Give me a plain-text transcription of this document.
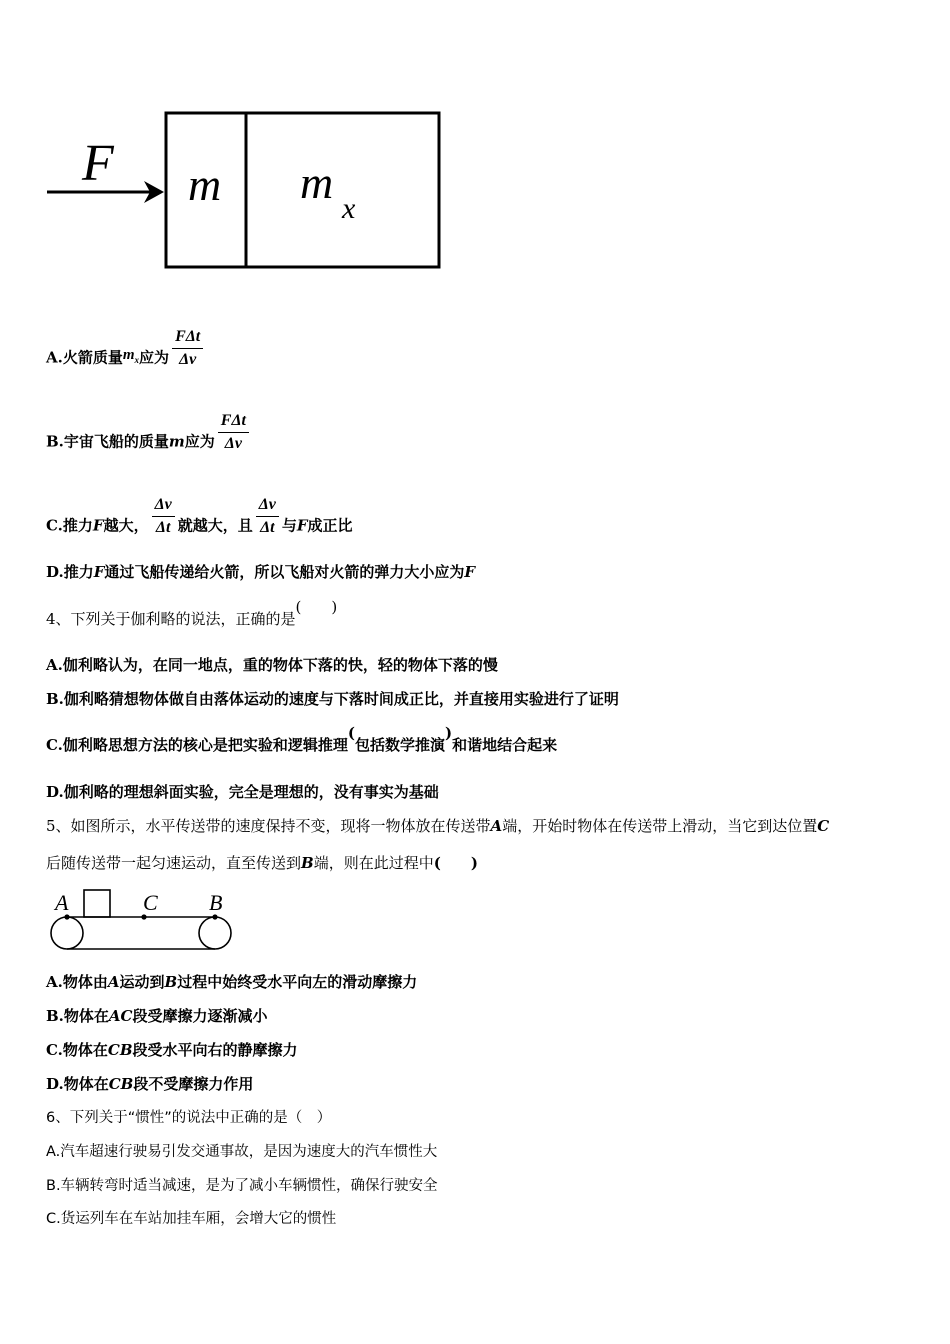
F m m
x
A.火箭质量$m_x$应为 $\frac{\text{FΔt}}{\Delta v}$
B.宇宙飞船的质量m应为 $\frac{\text{FΔt}}{\Delta v}$
C.推力F越大， $\frac{\Delta v}{\Delta t}$ 就越大，且 $\frac{\Delta v}{\Delta t}$ 与F成正比
D.推力F通过飞船传递给火箭，所以飞船对火箭的弹力大小应为F
4、下列关于伽利略的说法，正确的是(　　)
A.伽利略认为，在同一地点，重的物体下落的快，轻的物体下落的慢
B.伽利略猜想物体做自由落体运动的速度与下落时间成正比，并直接用实验进行了证明
C.伽利略思想方法的核心是把实验和逻辑推理(包括数学推演)和谐地结合起来
D.伽利略的理想斜面实验，完全是理想的，没有事实为基础
5、如图所示，水平传送带的速度保持不变，现将一物体放在传送带A端，开始时物体在传送带上滑动，当它到达位置C
后随传送带一起匀速运动，直至传送到B端，则在此过程中(　　)
A	C B
A.物体由A运动到B过程中始终受水平向左的滑动摩擦力
B.物体在AC段受摩擦力逐渐减小
C.物体在CB段受水平向右的静摩擦力
D.物体在CB段不受摩擦力作用
6、下列关于“惯性”的说法中正确的是（　）
A.汽车超速行驶易引发交通事故，是因为速度大的汽车惯性大
B.车辆转弯时适当减速，是为了减小车辆惯性，确保行驶安全
C.货运列车在车站加挂车厢，会增大它的惯性
